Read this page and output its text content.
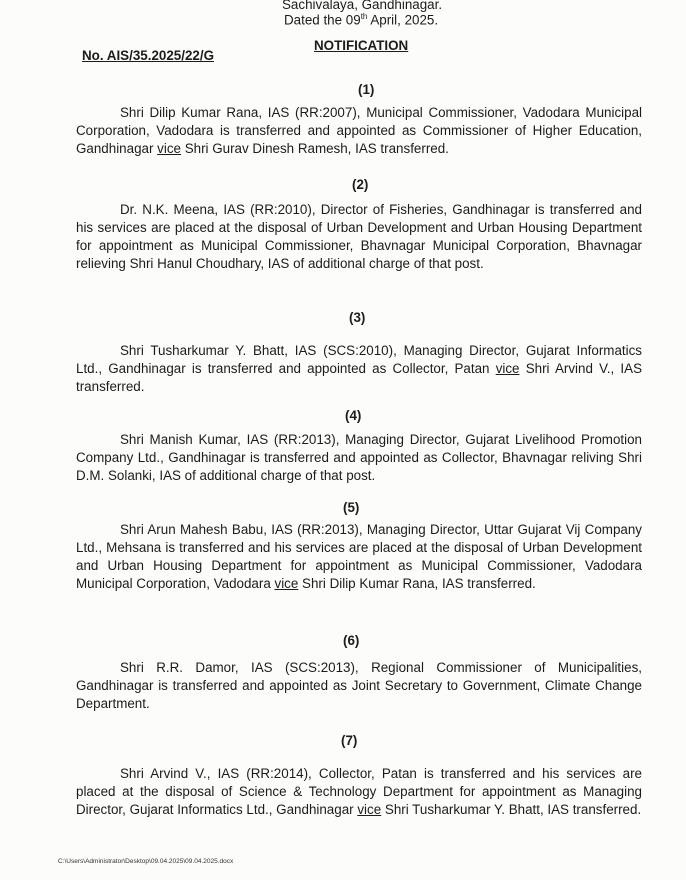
Sachivalaya, Gandhinagar.
Dated the 09th April, 2025.
NOTIFICATION
No. AIS/35.2025/22/G
(1)
Shri Dilip Kumar Rana, IAS (RR:2007), Municipal Commissioner, Vadodara Municipal Corporation, Vadodara is transferred and appointed as Commissioner of Higher Education, Gandhinagar vice Shri Gurav Dinesh Ramesh, IAS transferred.
(2)
Dr. N.K. Meena, IAS (RR:2010), Director of Fisheries, Gandhinagar is transferred and his services are placed at the disposal of Urban Development and Urban Housing Department for appointment as Municipal Commissioner, Bhavnagar Municipal Corporation, Bhavnagar relieving Shri Hanul Choudhary, IAS of additional charge of that post.
(3)
Shri Tusharkumar Y. Bhatt, IAS (SCS:2010), Managing Director, Gujarat Informatics Ltd., Gandhinagar is transferred and appointed as Collector, Patan vice Shri Arvind V., IAS transferred.
(4)
Shri Manish Kumar, IAS (RR:2013), Managing Director, Gujarat Livelihood Promotion Company Ltd., Gandhinagar is transferred and appointed as Collector, Bhavnagar reliving Shri D.M. Solanki, IAS of additional charge of that post.
(5)
Shri Arun Mahesh Babu, IAS (RR:2013), Managing Director, Uttar Gujarat Vij Company Ltd., Mehsana is transferred and his services are placed at the disposal of Urban Development and Urban Housing Department for appointment as Municipal Commissioner, Vadodara Municipal Corporation, Vadodara vice Shri Dilip Kumar Rana, IAS transferred.
(6)
Shri R.R. Damor, IAS (SCS:2013), Regional Commissioner of Municipalities, Gandhinagar is transferred and appointed as Joint Secretary to Government, Climate Change Department.
(7)
Shri Arvind V., IAS (RR:2014), Collector, Patan is transferred and his services are placed at the disposal of Science & Technology Department for appointment as Managing Director, Gujarat Informatics Ltd., Gandhinagar vice Shri Tusharkumar Y. Bhatt, IAS transferred.
C:\Users\Administrator\Desktop\09.04.2025\09.04.2025.docx
